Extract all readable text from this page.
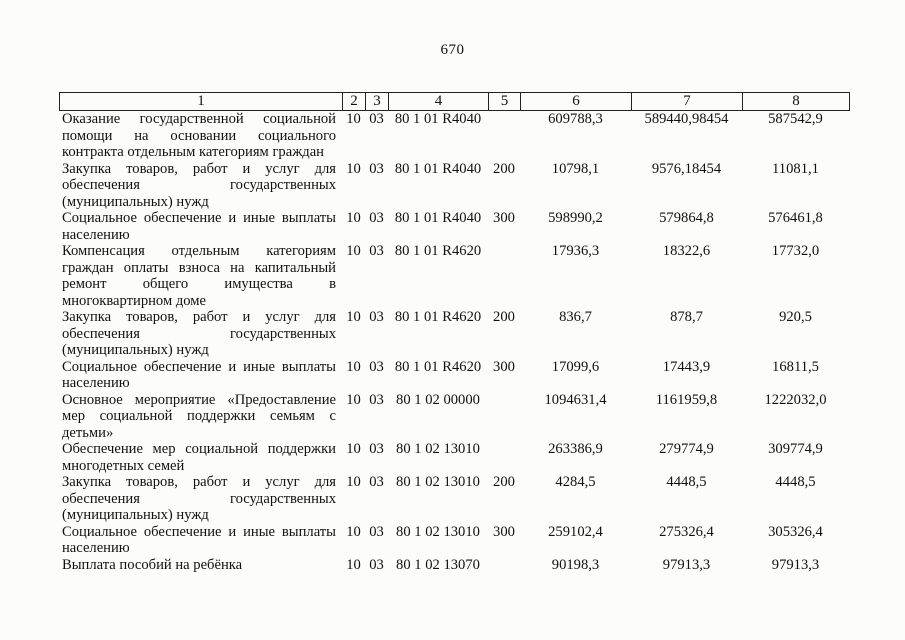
670
1	2	3	4	5	6	7	8
Оказание государственной социальной помощи на основании социального контракта отдельным категориям граждан	10	03	80 1 01 R4040		609788,3	589440,98454	587542,9
Закупка товаров, работ и услуг для обеспечения государственных (муниципальных) нужд	10	03	80 1 01 R4040	200	10798,1	9576,18454	11081,1
Социальное обеспечение и иные выплаты населению	10	03	80 1 01 R4040	300	598990,2	579864,8	576461,8
Компенсация отдельным категориям граждан оплаты взноса на капитальный ремонт общего имущества в многоквартирном доме	10	03	80 1 01 R4620		17936,3	18322,6	17732,0
Закупка товаров, работ и услуг для обеспечения государственных (муниципальных) нужд	10	03	80 1 01 R4620	200	836,7	878,7	920,5
Социальное обеспечение и иные выплаты населению	10	03	80 1 01 R4620	300	17099,6	17443,9	16811,5
Основное мероприятие «Предоставление мер социальной поддержки семьям с детьми»	10	03	80 1 02 00000		1094631,4	1161959,8	1222032,0
Обеспечение мер социальной поддержки многодетных семей	10	03	80 1 02 13010		263386,9	279774,9	309774,9
Закупка товаров, работ и услуг для обеспечения государственных (муниципальных) нужд	10	03	80 1 02 13010	200	4284,5	4448,5	4448,5
Социальное обеспечение и иные выплаты населению	10	03	80 1 02 13010	300	259102,4	275326,4	305326,4
Выплата пособий на ребёнка	10	03	80 1 02 13070		90198,3	97913,3	97913,3
